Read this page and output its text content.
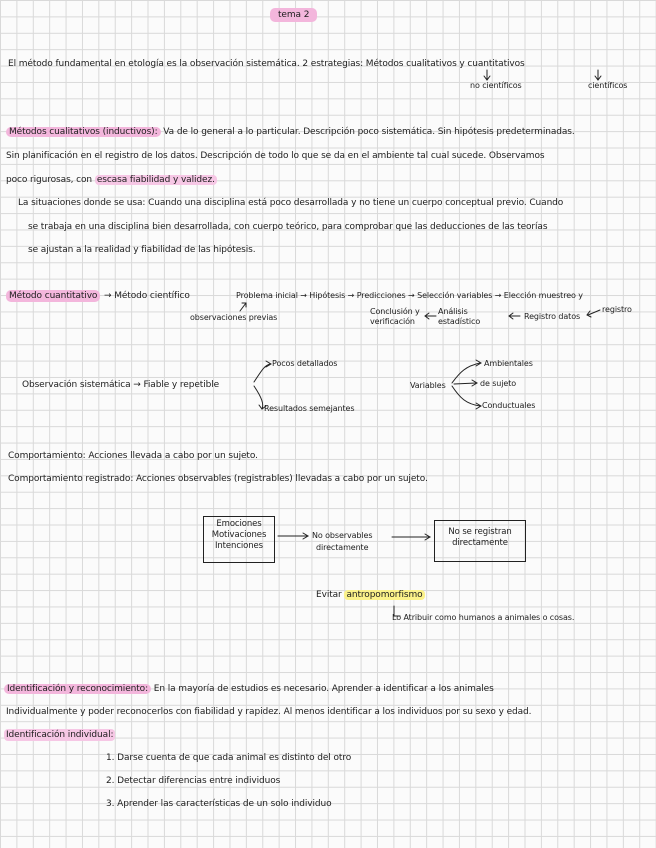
tema 2
El método fundamental en etología es la observación sistemática. 2 estrategias: Métodos cualitativos y cuantitativos
no científicos	científicos
Métodos cualitativos (inductivos): Va de lo general a lo particular. Descripción poco sistemática. Sin hipótesis predeterminadas.
Sin planificación en el registro de los datos. Descripción de todo lo que se da en el ambiente tal cual sucede. Observamos
poco rigurosas, con escasa fiabilidad y validez.
La situaciones donde se usa: Cuando una disciplina está poco desarrollada y no tiene un cuerpo conceptual previo. Cuando
se trabaja en una disciplina bien desarrollada, con cuerpo teórico, para comprobar que las deducciones de las teorías
se ajustan a la realidad y fiabilidad de las hipótesis.
Método cuantitativo → Método científico	Problema inicial → Hipótesis → Predicciones → Selección variables → Elección muestreo y
registro
observaciones previas
Conclusión y verificación
Análisis estadístico
Registro datos
Observación sistemática → Fiable y repetible
Pocos detallados
Resultados semejantes
Variables
Ambientales
de sujeto
Conductuales
Comportamiento: Acciones llevada a cabo por un sujeto.
Comportamiento registrado: Acciones observables (registrables) llevadas a cabo por un sujeto.
Emociones
Motivaciones
Intenciones
No observables
directamente
No se registran
directamente
Evitar antropomorfismo
Lo Atribuir como humanos a animales o cosas.
Identificación y reconocimiento: En la mayoría de estudios es necesario. Aprender a identificar a los animales
Individualmente y poder reconocerlos con fiabilidad y rapidez. Al menos identificar a los individuos por su sexo y edad.
Identificación individual:
1. Darse cuenta de que cada animal es distinto del otro
2. Detectar diferencias entre individuos
3. Aprender las características de un solo individuo
